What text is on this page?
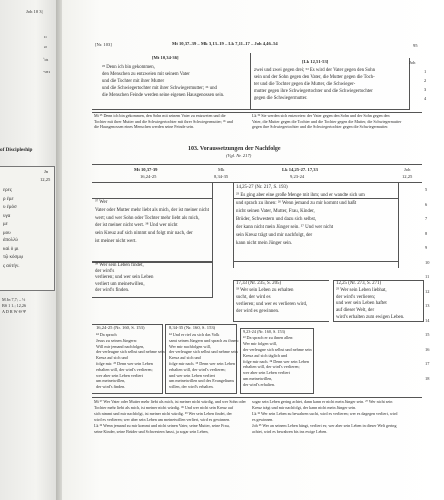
Joh 10 3|
¹¹
²²
΅σι
-υτι
of Discipleship
Jn
12,25
ερες
ρ ἐμε
υ ἐμόσ
υγα
με
μου
ἀπολλύ
καὶ ὁ μι
τῷ κόσμῳ
ς αὐτήν.
M Jn 7,7; – ½
BS 1 1.; 12,26
A D R W Θ Ψ
[Nr. 103]	Mt 10,37–39 – Mk 3,13–19 – Lk 7,11–17 – Joh 4,46–54	95
[Mt 10,34-36]
[Lk 12,51-53]	Joh
³⁵ Denn ich bin gekommen,
den Menschen zu entzweien mit seinem Vater
und die Tochter mit ihrer Mutter
und die Schwiegertochter mit ihrer Schwiegermutter; ³⁶ und
die Menschen Feinde werden seine eigenen Hausgenossen sein.
zwei und zwei gegen drei; ⁵³ Es wird der Vater gegen den Sohn
sein und der Sohn gegen den Vater, die Mutter gegen die Toch-
ter und die Tochter gegen die Mutter, die Schwieger-
mutter gegen ihre Schwiegertochter und die Schwiegertochter
gegen die Schwiegermutter.
1
2
3
4
Mt ³⁵ Denn ich bin gekommen, den Sohn mit seinem Vater zu entzweien und die
Tochter mit ihrer Mutter und die Schwiegertochter mit ihrer Schwiegermutter; ³⁶ und
die Hausgenossen eines Menschen werden seine Feinde sein.
Lk ⁵³ Sie werden sich entzweien: der Vater gegen den Sohn und der Sohn gegen den
Vater, die Mutter gegen die Tochter und die Tochter gegen die Mutter, die Schwiegermutter
gegen ihre Schwiegertochter und die Schwiegertochter gegen die Schwiegermutter.
103. Voraussetzungen der Nachfolge
(Vgl. Nr. 217)
Mt 10,37-39
16,24-25
Mk
8,34-35
Lk 14,25-27. 17,33
9,23-24
Joh
12,25
³⁷ Wer
Vater oder Mutter mehr liebt als mich, der ist meiner nicht
wert; und wer Sohn oder Tochter mehr liebt als mich,
der ist meiner nicht wert. ³⁸ Und wer nicht
sein Kreuz auf sich nimmt und folgt mir nach, der
ist meiner nicht wert.
14,25-27 (Nr. 217, S. 193)
²⁵ Es ging aber eine große Menge mit ihm; und er wandte sich um
und sprach zu ihnen: ²⁶ Wenn jemand zu mir kommt und haßt
nicht seinen Vater, Mutter, Frau, Kinder,
Brüder, Schwestern und dazu sich selbst,
der kann nicht mein Jünger sein. ²⁷ Und wer nicht
sein Kreuz trägt und mir nachfolgt, der
kann nicht mein Jünger sein.
³⁹ Wer sein Leben findet,
der wird's
verlieren; und wer sein Leben
verliert um meinetwillen,
der wird's finden.
17,33 (Nr. 235, S. 205)
³³ Wer sein Leben zu erhalten
sucht, der wird es
verlieren; und wer es verlieren wird,
der wird es gewinnen.
12,25 (Nr. 273, S. 271)
²⁵ Wer sein Leben liebhat,
der wird's verlieren;
und wer sein Leben haftet
auf dieser Welt, der
wird's erhalten zum ewigen Leben.
16,24-25 (Nr. 160, S. 153)	8,34-35 (Nr. 160, S. 153)
²⁴ Da sprach
Jesus zu seinen Jüngern:
Will mir jemand nachfolgen,
der verleugne sich selbst und nehme sein
Kreuz auf sich und
folge mir. ²⁵ Denn wer sein Leben
erhalten will, der wird's verlieren;
wer aber sein Leben verliert
um meinetwillen,
der wird's finden.
³⁴ Und er rief zu sich das Volk
samt seinen Jüngern und sprach zu ihnen:
Wer mir nachfolgen will,
der verleugne sich selbst und nehme sein
Kreuz auf sich und
folge mir nach. ³⁵ Denn wer sein Leben
erhalten will, der wird's verlieren;
und wer sein Leben verliert
um meinetwillen und des Evangeliums
willen, der wird's erhalten.
9,23-24 (Nr. 160, S. 153)
²³ Da sprach er zu ihnen allen:
Wer mir folgen will,
der verleugne sich selbst und nehme sein
Kreuz auf sich täglich und
folge mir nach. ²⁴ Denn wer sein Leben
erhalten will, der wird's verlieren;
wer aber sein Leben verliert
um meinetwillen,
der wird's erhalten.
5
6
7
8
9
10
11
12
13
14
15
16
17
18
Mt ³⁷ Wer Vater oder Mutter mehr liebt als mich, ist meiner nicht würdig, und wer Sohn oder
Tochter mehr liebt als mich, ist meiner nicht würdig. ³⁸ Und wer nicht sein Kreuz auf
sich nimmt und mir nachfolgt, ist meiner nicht würdig. ³⁹ Wer sein Leben findet, der
wird es verlieren; wer aber sein Leben um meinetwillen verliert, wird es gewinnen.
Lk ²⁶ Wenn jemand zu mir kommt und nicht seinen Vater, seine Mutter, seine Frau,
seine Kinder, seine Brüder und Schwestern hasst, ja sogar sein Leben,
sogar sein Leben gering achtet, dann kann er nicht mein Jünger sein. ²⁷ Wer nicht sein
Kreuz trägt und mir nachfolgt, der kann nicht mein Jünger sein.
Lk ³³ Wer sein Leben zu bewahren sucht, wird es verlieren; wer es dagegen verliert, wird
es gewinnen.
Joh ²⁵ Wer an seinem Leben hängt, verliert es; wer aber sein Leben in dieser Welt gering
achtet, wird es bewahren bis ins ewige Leben.
